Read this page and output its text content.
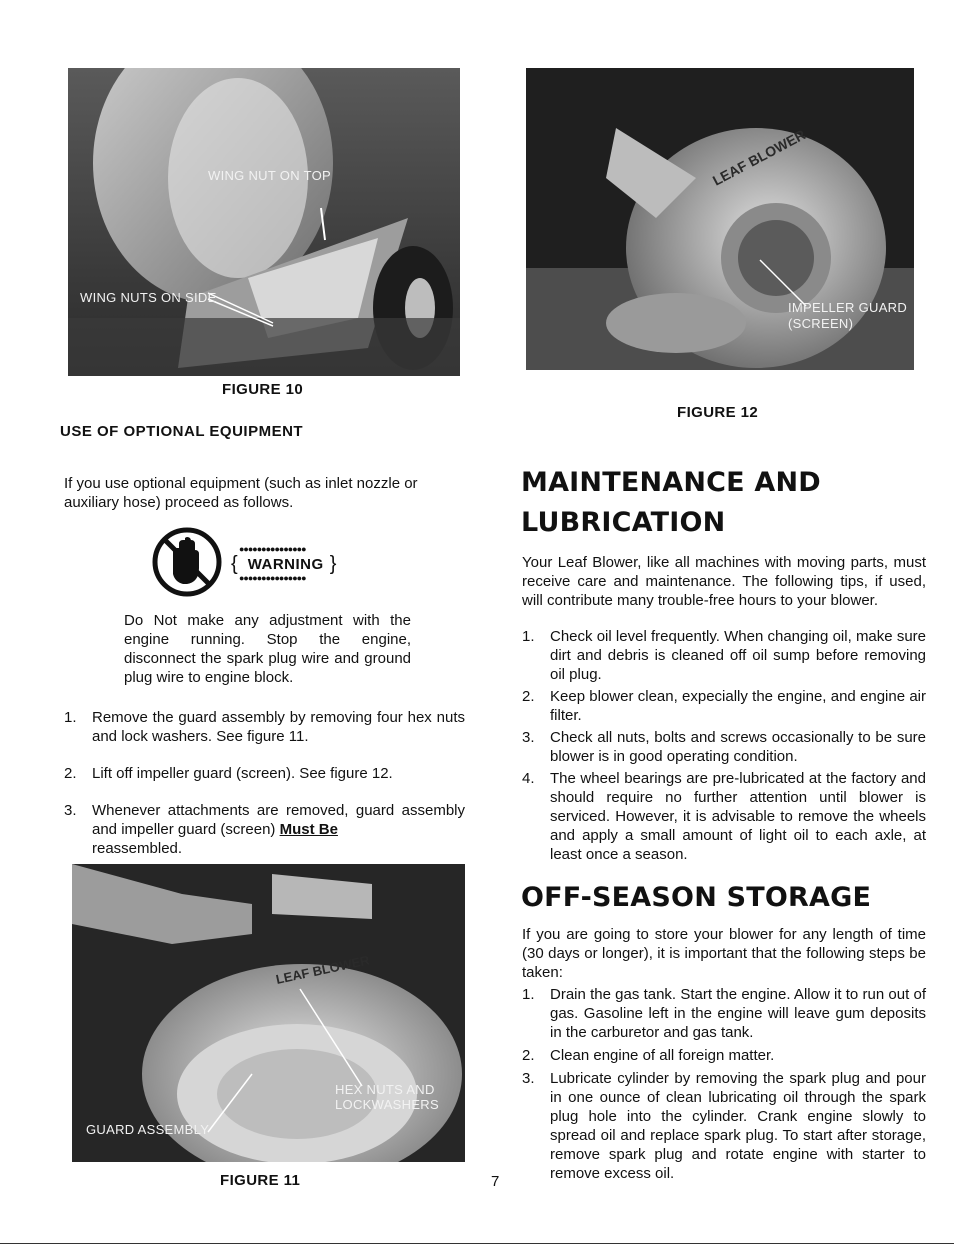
WING NUT ON TOP
WING NUTS ON SIDE
FIGURE 10
LEAF BLOWER
IMPELLER GUARD
(SCREEN)
FIGURE 12
USE OF OPTIONAL EQUIPMENT
If you use optional equipment (such as inlet nozzle or auxiliary hose) proceed as follows.
●●●●●●●●●●●●●●●
{ WARNING }
●●●●●●●●●●●●●●●
Do Not make any adjustment with the engine running. Stop the engine, disconnect the spark plug wire and ground plug wire to engine block.
1. Remove the guard assembly by removing four hex nuts and lock washers. See figure 11.
2. Lift off impeller guard (screen). See figure 12.
3. Whenever attachments are removed, guard assembly and impeller guard (screen) Must Be
reassembled.
LEAF BLOWER
HEX NUTS AND
LOCKWASHERS
GUARD ASSEMBLY
FIGURE 11	7
MAINTENANCE AND
LUBRICATION
Your Leaf Blower, like all machines with moving parts, must receive care and maintenance. The following tips, if used, will contribute many trouble-free hours to your blower.
1. Check oil level frequently. When changing oil, make sure dirt and debris is cleaned off oil sump before removing oil plug.
2. Keep blower clean, expecially the engine, and engine air filter.
3. Check all nuts, bolts and screws occasionally to be sure blower is in good operating condition.
4. The wheel bearings are pre-lubricated at the factory and should require no further attention until blower is serviced. However, it is advisable to remove the wheels and apply a small amount of light oil to each axle, at least once a season.
OFF-SEASON STORAGE
If you are going to store your blower for any length of time (30 days or longer), it is important that the following steps be taken:
1. Drain the gas tank. Start the engine. Allow it to run out of gas. Gasoline left in the engine will leave gum deposits in the carburetor and gas tank.
2. Clean engine of all foreign matter.
3. Lubricate cylinder by removing the spark plug and pour in one ounce of clean lubricating oil through the spark plug hole into the cylinder. Crank engine slowly to spread oil and replace spark plug. To start after storage, remove spark plug and rotate engine with starter to remove excess oil.
